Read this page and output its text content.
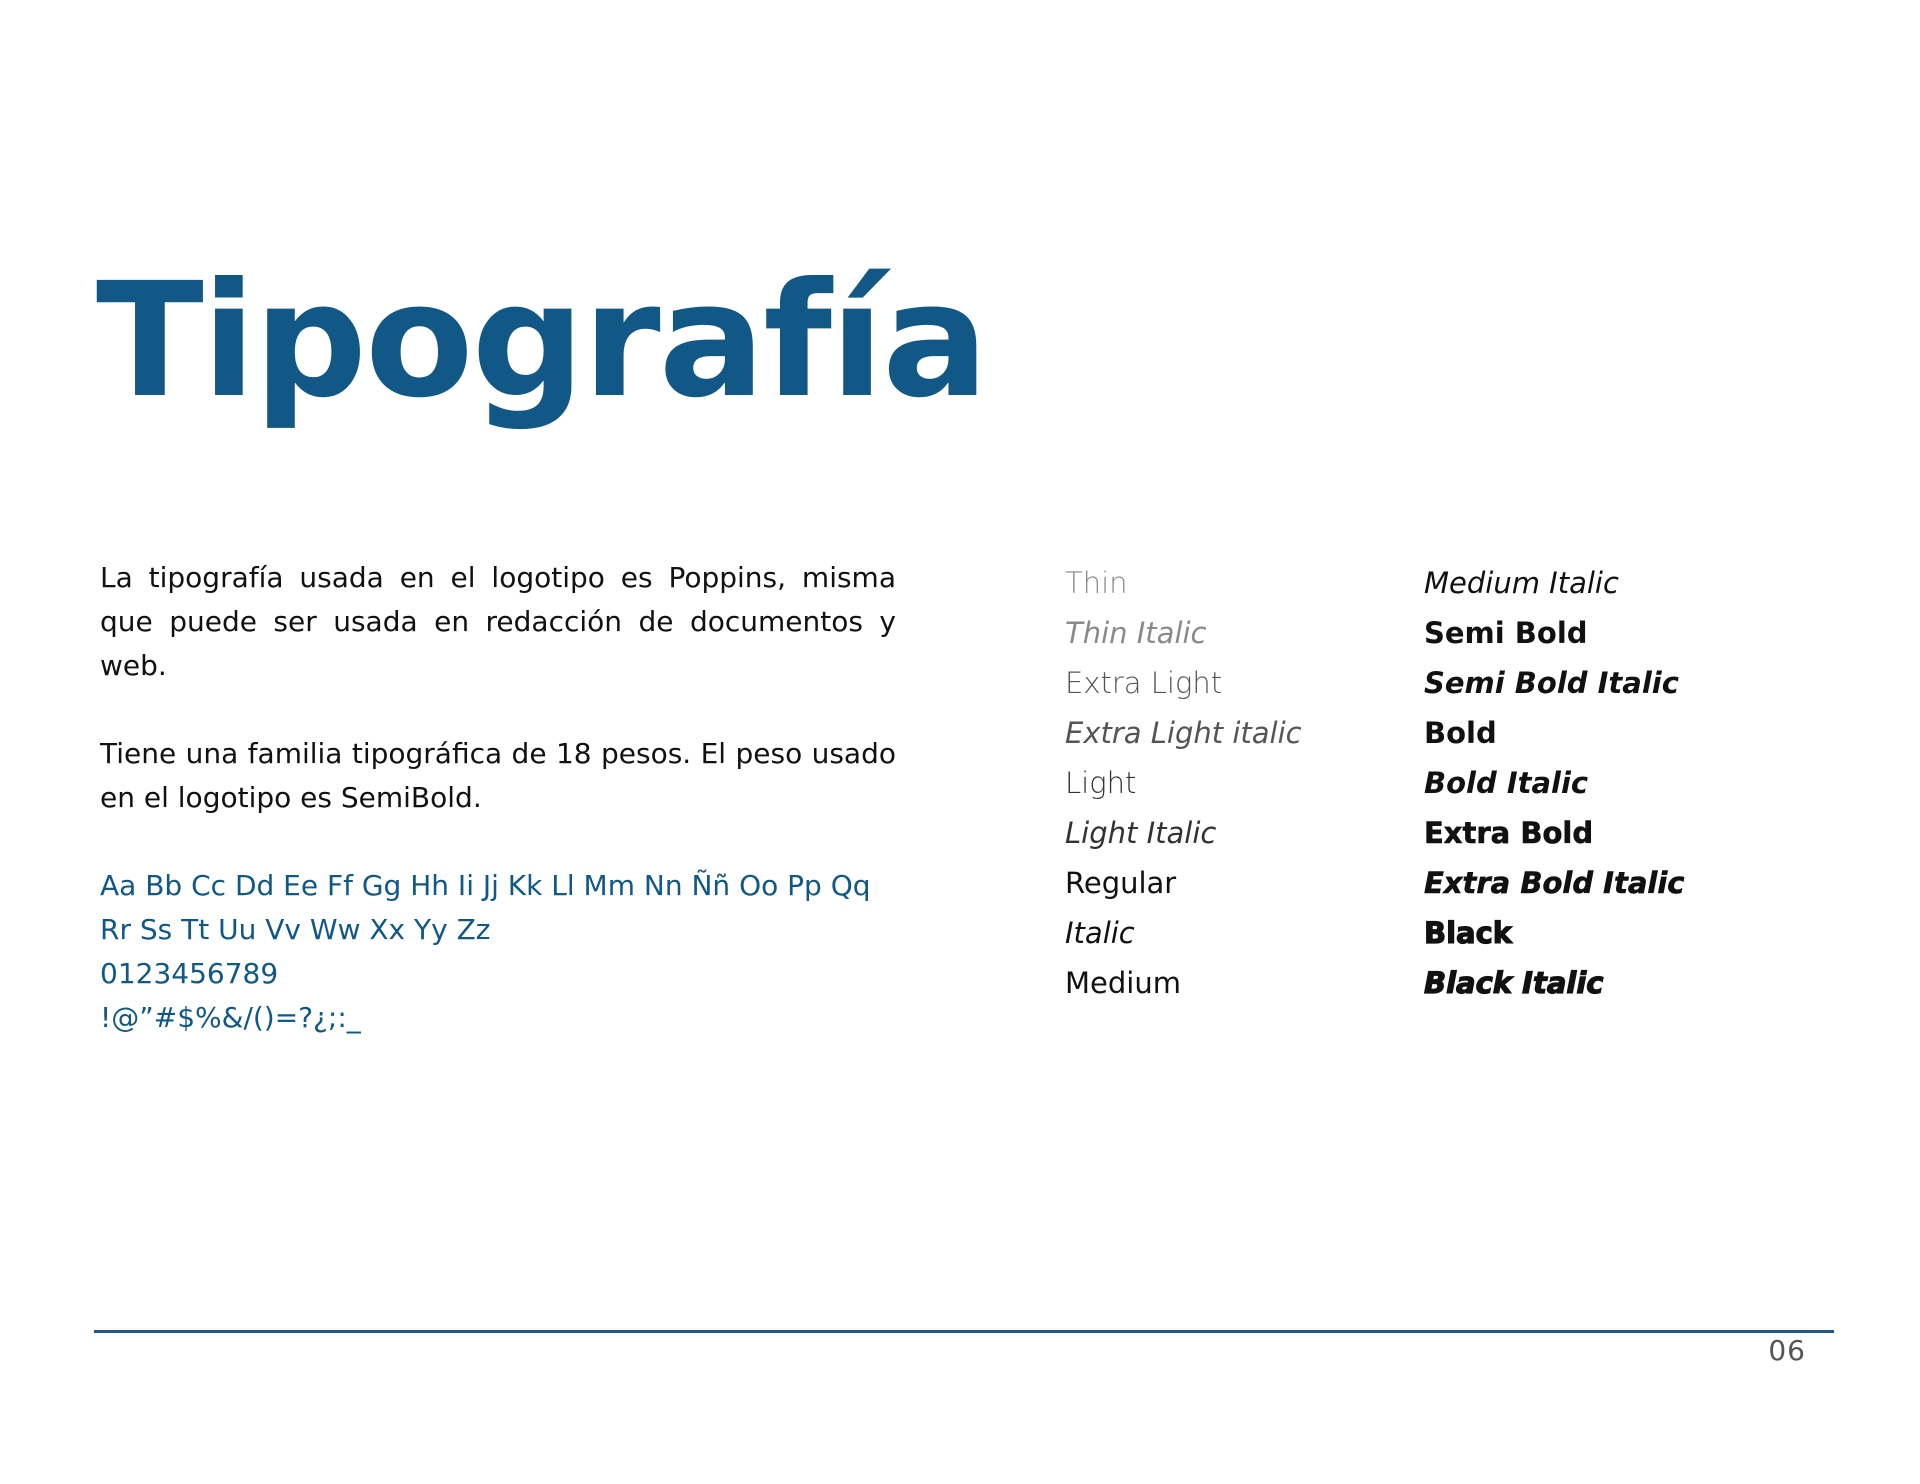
Tipografía

La tipografía usada en el logotipo es Poppins, misma que puede ser usada en redacción de documentos y web.

Tiene una familia tipográfica de 18 pesos. El peso usado en el logotipo es SemiBold.

Aa Bb Cc Dd Ee Ff Gg Hh Ii Jj Kk Ll Mm Nn Ññ Oo Pp Qq
Rr Ss Tt Uu Vv Ww Xx Yy Zz
0123456789
!@”#$%&/()=?¿;:_
Thin
Thin Italic
Extra Light
Extra Light italic
Light
Light Italic
Regular
Italic
Medium
Medium Italic
Semi Bold
Semi Bold Italic
Bold
Bold Italic
Extra Bold
Extra Bold Italic
Black
Black Italic
06
